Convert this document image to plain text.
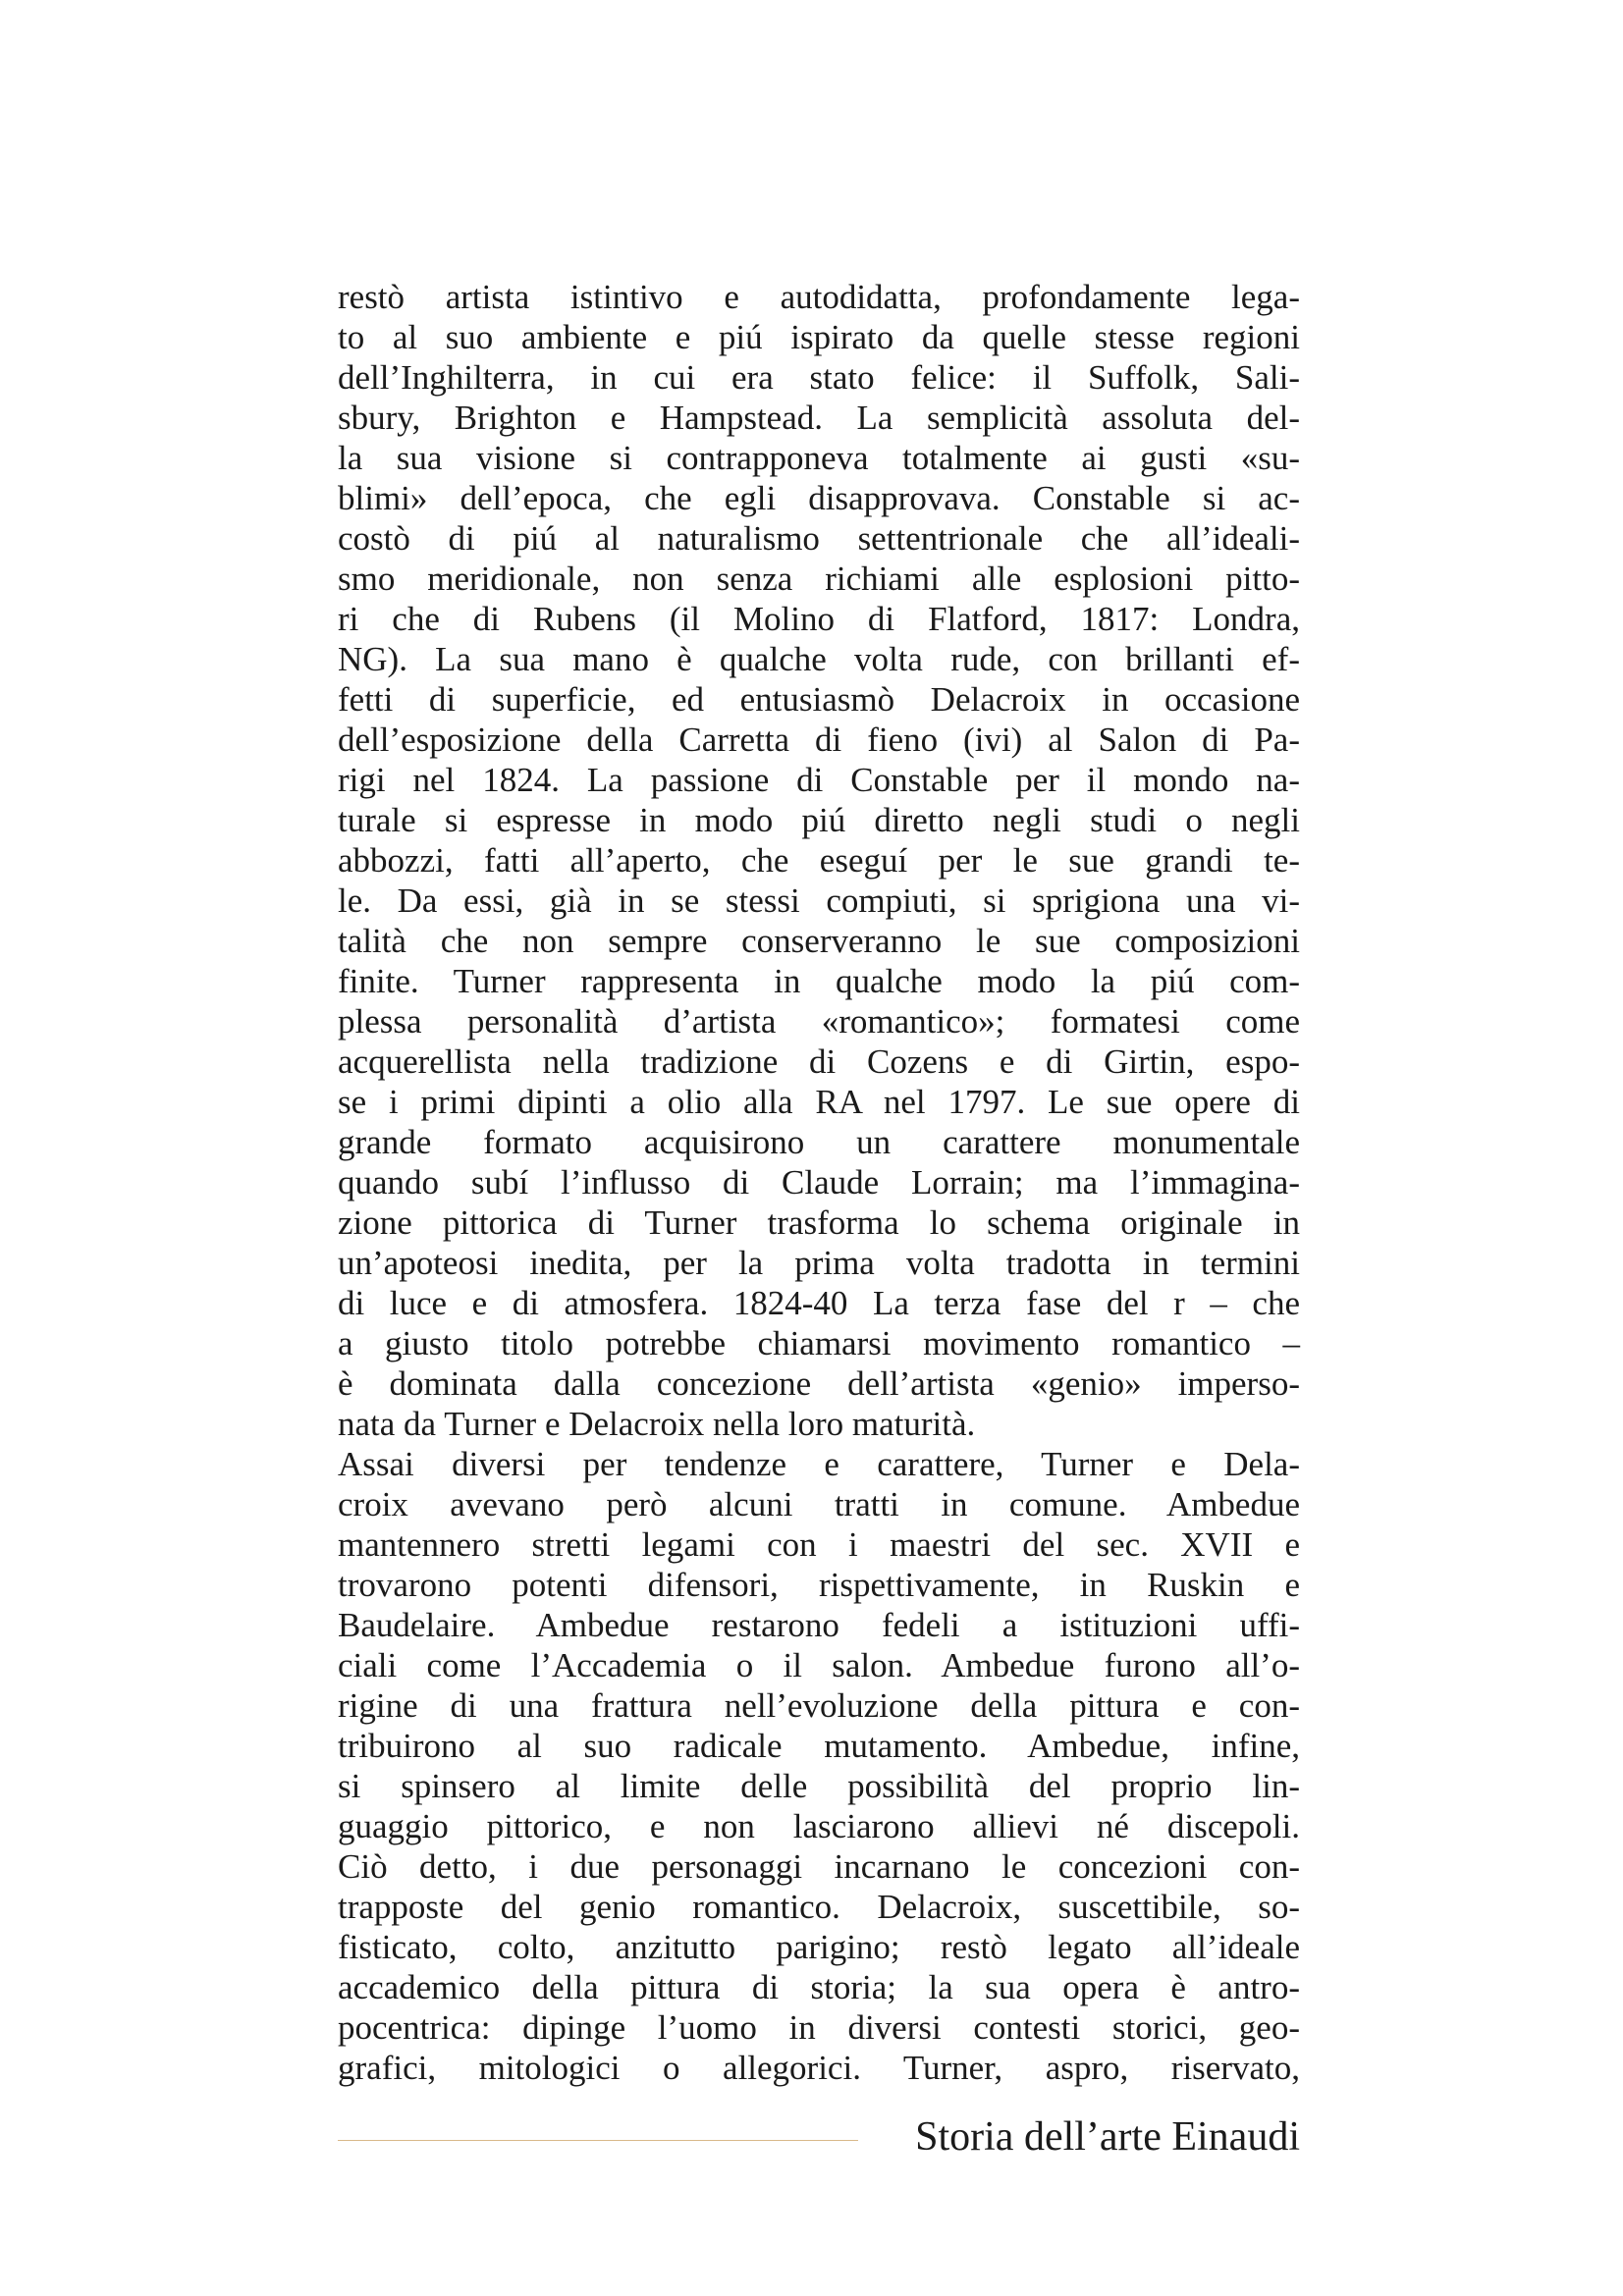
restò artista istintivo e autodidatta, profondamente lega-
to al suo ambiente e piú ispirato da quelle stesse regioni
dell’Inghilterra, in cui era stato felice: il Suffolk, Sali-
sbury, Brighton e Hampstead. La semplicità assoluta del-
la sua visione si contrapponeva totalmente ai gusti «su-
blimi» dell’epoca, che egli disapprovava. Constable si ac-
costò di piú al naturalismo settentrionale che all’ideali-
smo meridionale, non senza richiami alle esplosioni pitto-
ri che di Rubens (il Molino di Flatford, 1817: Londra,
NG). La sua mano è qualche volta rude, con brillanti ef-
fetti di superficie, ed entusiasmò Delacroix in occasione
dell’esposizione della Carretta di fieno (ivi) al Salon di Pa-
rigi nel 1824. La passione di Constable per il mondo na-
turale si espresse in modo piú diretto negli studi o negli
abbozzi, fatti all’aperto, che eseguí per le sue grandi te-
le. Da essi, già in se stessi compiuti, si sprigiona una vi-
talità che non sempre conserveranno le sue composizioni
finite. Turner rappresenta in qualche modo la piú com-
plessa personalità d’artista «romantico»; formatesi come
acquerellista nella tradizione di Cozens e di Girtin, espo-
se i primi dipinti a olio alla RA nel 1797. Le sue opere di
grande formato acquisirono un carattere monumentale
quando subí l’influsso di Claude Lorrain; ma l’immagina-
zione pittorica di Turner trasforma lo schema originale in
un’apoteosi inedita, per la prima volta tradotta in termini
di luce e di atmosfera. 1824-40 La terza fase del r – che
a giusto titolo potrebbe chiamarsi movimento romantico –
è dominata dalla concezione dell’artista «genio» imperso-
nata da Turner e Delacroix nella loro maturità.
Assai diversi per tendenze e carattere, Turner e Dela-
croix avevano però alcuni tratti in comune. Ambedue
mantennero stretti legami con i maestri del sec. XVII e
trovarono potenti difensori, rispettivamente, in Ruskin e
Baudelaire. Ambedue restarono fedeli a istituzioni uffi-
ciali come l’Accademia o il salon. Ambedue furono all’o-
rigine di una frattura nell’evoluzione della pittura e con-
tribuirono al suo radicale mutamento. Ambedue, infine,
si spinsero al limite delle possibilità del proprio lin-
guaggio pittorico, e non lasciarono allievi né discepoli.
Ciò detto, i due personaggi incarnano le concezioni con-
trapposte del genio romantico. Delacroix, suscettibile, so-
fisticato, colto, anzitutto parigino; restò legato all’ideale
accademico della pittura di storia; la sua opera è antro-
pocentrica: dipinge l’uomo in diversi contesti storici, geo-
grafici, mitologici o allegorici. Turner, aspro, riservato,
Storia dell’arte Einaudi
